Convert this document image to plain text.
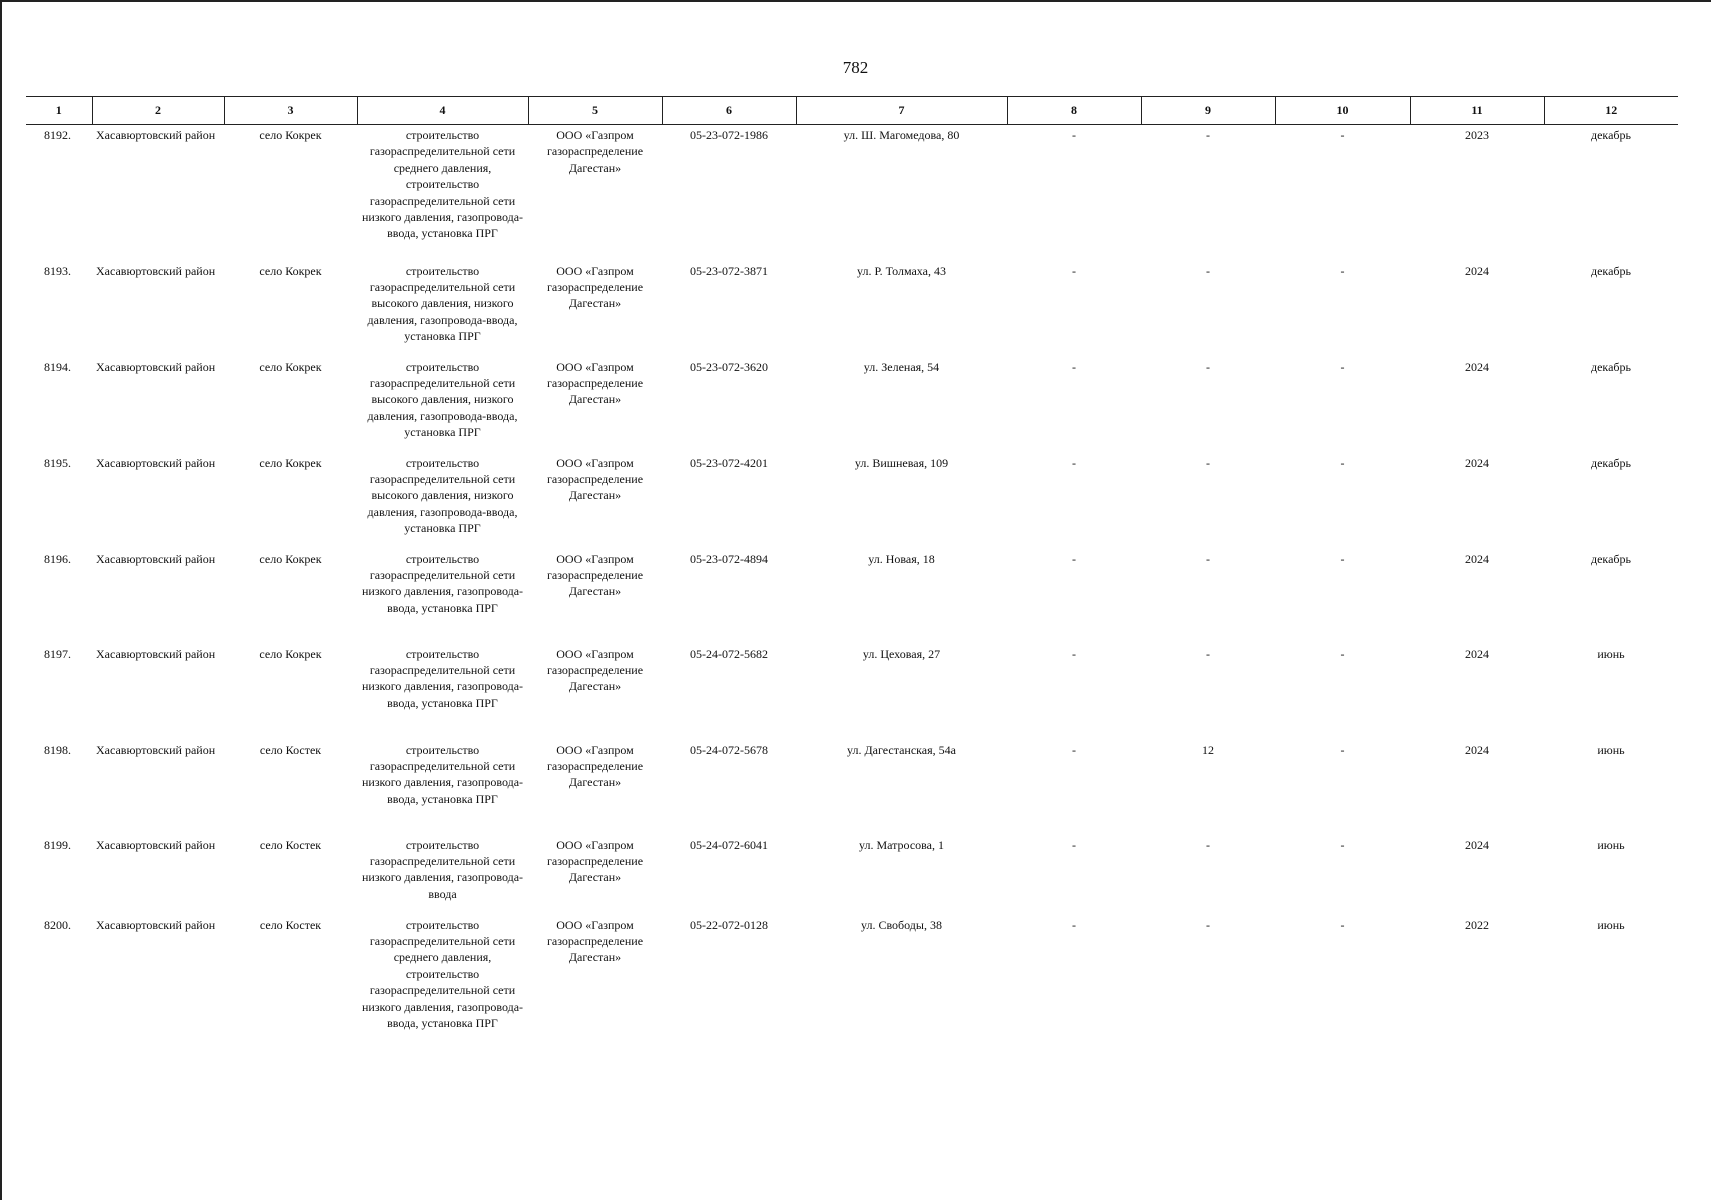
782
1	2	3	4	5	6	7	8	9	10	11	12
8192.	Хасавюртовский район	село Кокрек	строительство газораспределительной сети среднего давления, строительство газораспределительной сети низкого давления, газопровода-ввода, установка ПРГ	ООО «Газпром газораспределение Дагестан»	05-23-072-1986	ул. Ш. Магомедова, 80	-	-	-	2023	декабрь
8193.	Хасавюртовский район	село Кокрек	строительство газораспределительной сети высокого давления, низкого давления, газопровода-ввода, установка ПРГ	ООО «Газпром газораспределение Дагестан»	05-23-072-3871	ул. Р. Толмаха, 43	-	-	-	2024	декабрь
8194.	Хасавюртовский район	село Кокрек	строительство газораспределительной сети высокого давления, низкого давления, газопровода-ввода, установка ПРГ	ООО «Газпром газораспределение Дагестан»	05-23-072-3620	ул. Зеленая, 54	-	-	-	2024	декабрь
8195.	Хасавюртовский район	село Кокрек	строительство газораспределительной сети высокого давления, низкого давления, газопровода-ввода, установка ПРГ	ООО «Газпром газораспределение Дагестан»	05-23-072-4201	ул. Вишневая, 109	-	-	-	2024	декабрь
8196.	Хасавюртовский район	село Кокрек	строительство газораспределительной сети низкого давления, газопровода-ввода, установка ПРГ	ООО «Газпром газораспределение Дагестан»	05-23-072-4894	ул. Новая, 18	-	-	-	2024	декабрь
8197.	Хасавюртовский район	село Кокрек	строительство газораспределительной сети низкого давления, газопровода-ввода, установка ПРГ	ООО «Газпром газораспределение Дагестан»	05-24-072-5682	ул. Цеховая, 27	-	-	-	2024	июнь
8198.	Хасавюртовский район	село Костек	строительство газораспределительной сети низкого давления, газопровода-ввода, установка ПРГ	ООО «Газпром газораспределение Дагестан»	05-24-072-5678	ул. Дагестанская, 54а	-	12	-	2024	июнь
8199.	Хасавюртовский район	село Костек	строительство газораспределительной сети низкого давления, газопровода-ввода	ООО «Газпром газораспределение Дагестан»	05-24-072-6041	ул. Матросова, 1	-	-	-	2024	июнь
8200.	Хасавюртовский район	село Костек	строительство газораспределительной сети среднего давления, строительство газораспределительной сети низкого давления, газопровода-ввода, установка ПРГ	ООО «Газпром газораспределение Дагестан»	05-22-072-0128	ул. Свободы, 38	-	-	-	2022	июнь
